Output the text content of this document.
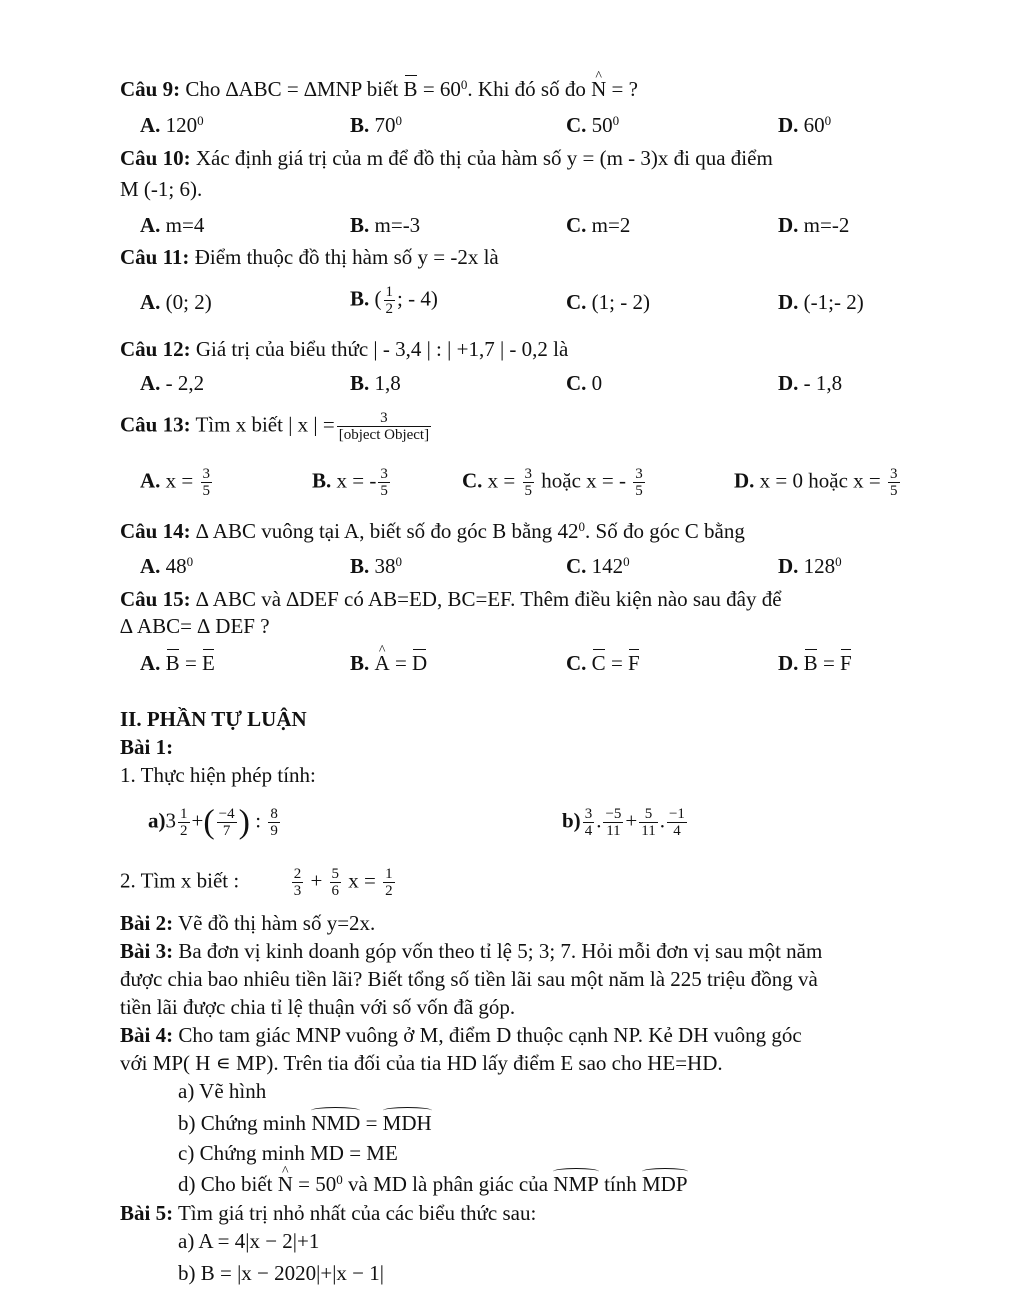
Câu 9: Cho ∆ABC = ∆MNP biết $B = 60^0$. Khi đó số đo ^ N = ?
A. $120^0$	B. $70^0$	C. $50^0$	D. $60^0$
Câu 10: Xác định giá trị của m để đồ thị của hàm số y = (m - 3)x đi qua điểm
M (-1; 6).
A. m=4	B. m=-3	C. m=2	D. m=-2
Câu 11: Điểm thuộc đồ thị hàm số y = -2x là
A. (0; 2)	B. ( $\frac{1}{2}$ ; - 4)	C. (1; - 2)	D. (-1;- 2)
Câu 12: Giá trị của biểu thức | - 3,4 | : | +1,7 | - 0,2 là
A. - 2,2	B. 1,8	C. 0	D. - 1,8
Câu 13: Tìm x biết | x | =	3
[object Object]
A. $x = \frac{3}{5}$	B. x = - $\frac{3}{5}$	C. $x = \frac{3}{5}$ hoặc x = - $\frac{3}{5}$	D. x = 0 hoặc $x = \frac{3}{5}$
Câu 14: ∆ ABC vuông tại A, biết số đo góc B bằng $42^0$. Số đo góc C bằng
A. $48^0$	B. $38^0$	C. $142^0$	D. $128^0$
Câu 15: ∆ ABC và ∆DEF có AB=ED, BC=EF. Thêm điều kiện nào sau đây để
∆ ABC= ∆ DEF ?
A. B = E	B. ^ A = D	C. C = F	D. B = F
II. PHẦN TỰ LUẬN
Bài 1:
1. Thực hiện phép tính:
$a)3 \frac{1}{2}$ +( $\frac{-4}{7}$ ) : $\frac{8}{9}$	$b) \frac{3}{4}$ . $\frac{-5}{11} + \frac{5}{11}$ . $\frac{-1}{4}$
2. Tìm x biết :	$\frac{2}{3} + \frac{5}{6}$ $x = \frac{1}{2}$
Bài 2: Vẽ đồ thị hàm số y=2x.
Bài 3: Ba đơn vị kinh doanh góp vốn theo tỉ lệ 5; 3; 7. Hỏi mỗi đơn vị sau một năm
được chia bao nhiêu tiền lãi? Biết tổng số tiền lãi sau một năm là 225 triệu đồng và
tiền lãi được chia tỉ lệ thuận với số vốn đã góp.
Bài 4: Cho tam giác MNP vuông ở M, điểm D thuộc cạnh NP. Kẻ DH vuông góc
với MP( H ∊ MP). Trên tia đối của tia HD lấy điểm E sao cho HE=HD.
a) Vẽ hình
b) Chứng minh NMD = MDH
c) Chứng minh MD = ME
d) Cho biết ^ $N = 50^0$ và MD là phân giác của NMP tính MDP
Bài 5: Tìm giá trị nhỏ nhất của các biểu thức sau:
a) A = 4|x − 2|+1
b) B = |x − 2020|+|x − 1|
